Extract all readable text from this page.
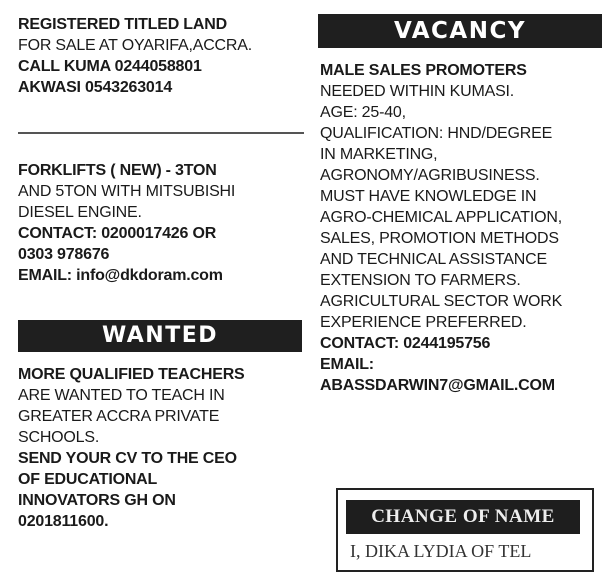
REGISTERED TITLED LAND
FOR SALE AT OYARIFA,ACCRA.
CALL KUMA 0244058801
AKWASI 0543263014
FORKLIFTS ( NEW) - 3TON
AND 5TON WITH MITSUBISHI
DIESEL ENGINE.
CONTACT: 0200017426 OR
0303 978676
EMAIL: info@dkdoram.com
WANTED
MORE QUALIFIED TEACHERS
ARE WANTED TO TEACH IN
GREATER ACCRA PRIVATE
SCHOOLS.
SEND YOUR CV TO THE CEO
OF EDUCATIONAL
INNOVATORS GH ON
0201811600.
VACANCY
MALE SALES PROMOTERS
NEEDED WITHIN KUMASI.
AGE: 25-40,
QUALIFICATION: HND/DEGREE
IN MARKETING,
AGRONOMY/AGRIBUSINESS.
MUST HAVE KNOWLEDGE IN
AGRO-CHEMICAL APPLICATION,
SALES, PROMOTION METHODS
AND TECHNICAL ASSISTANCE
EXTENSION TO FARMERS.
AGRICULTURAL SECTOR WORK
EXPERIENCE PREFERRED.
CONTACT: 0244195756
EMAIL:
ABASSDARWIN7@GMAIL.COM
CHANGE OF NAME
I, DIKA LYDIA OF TEL
